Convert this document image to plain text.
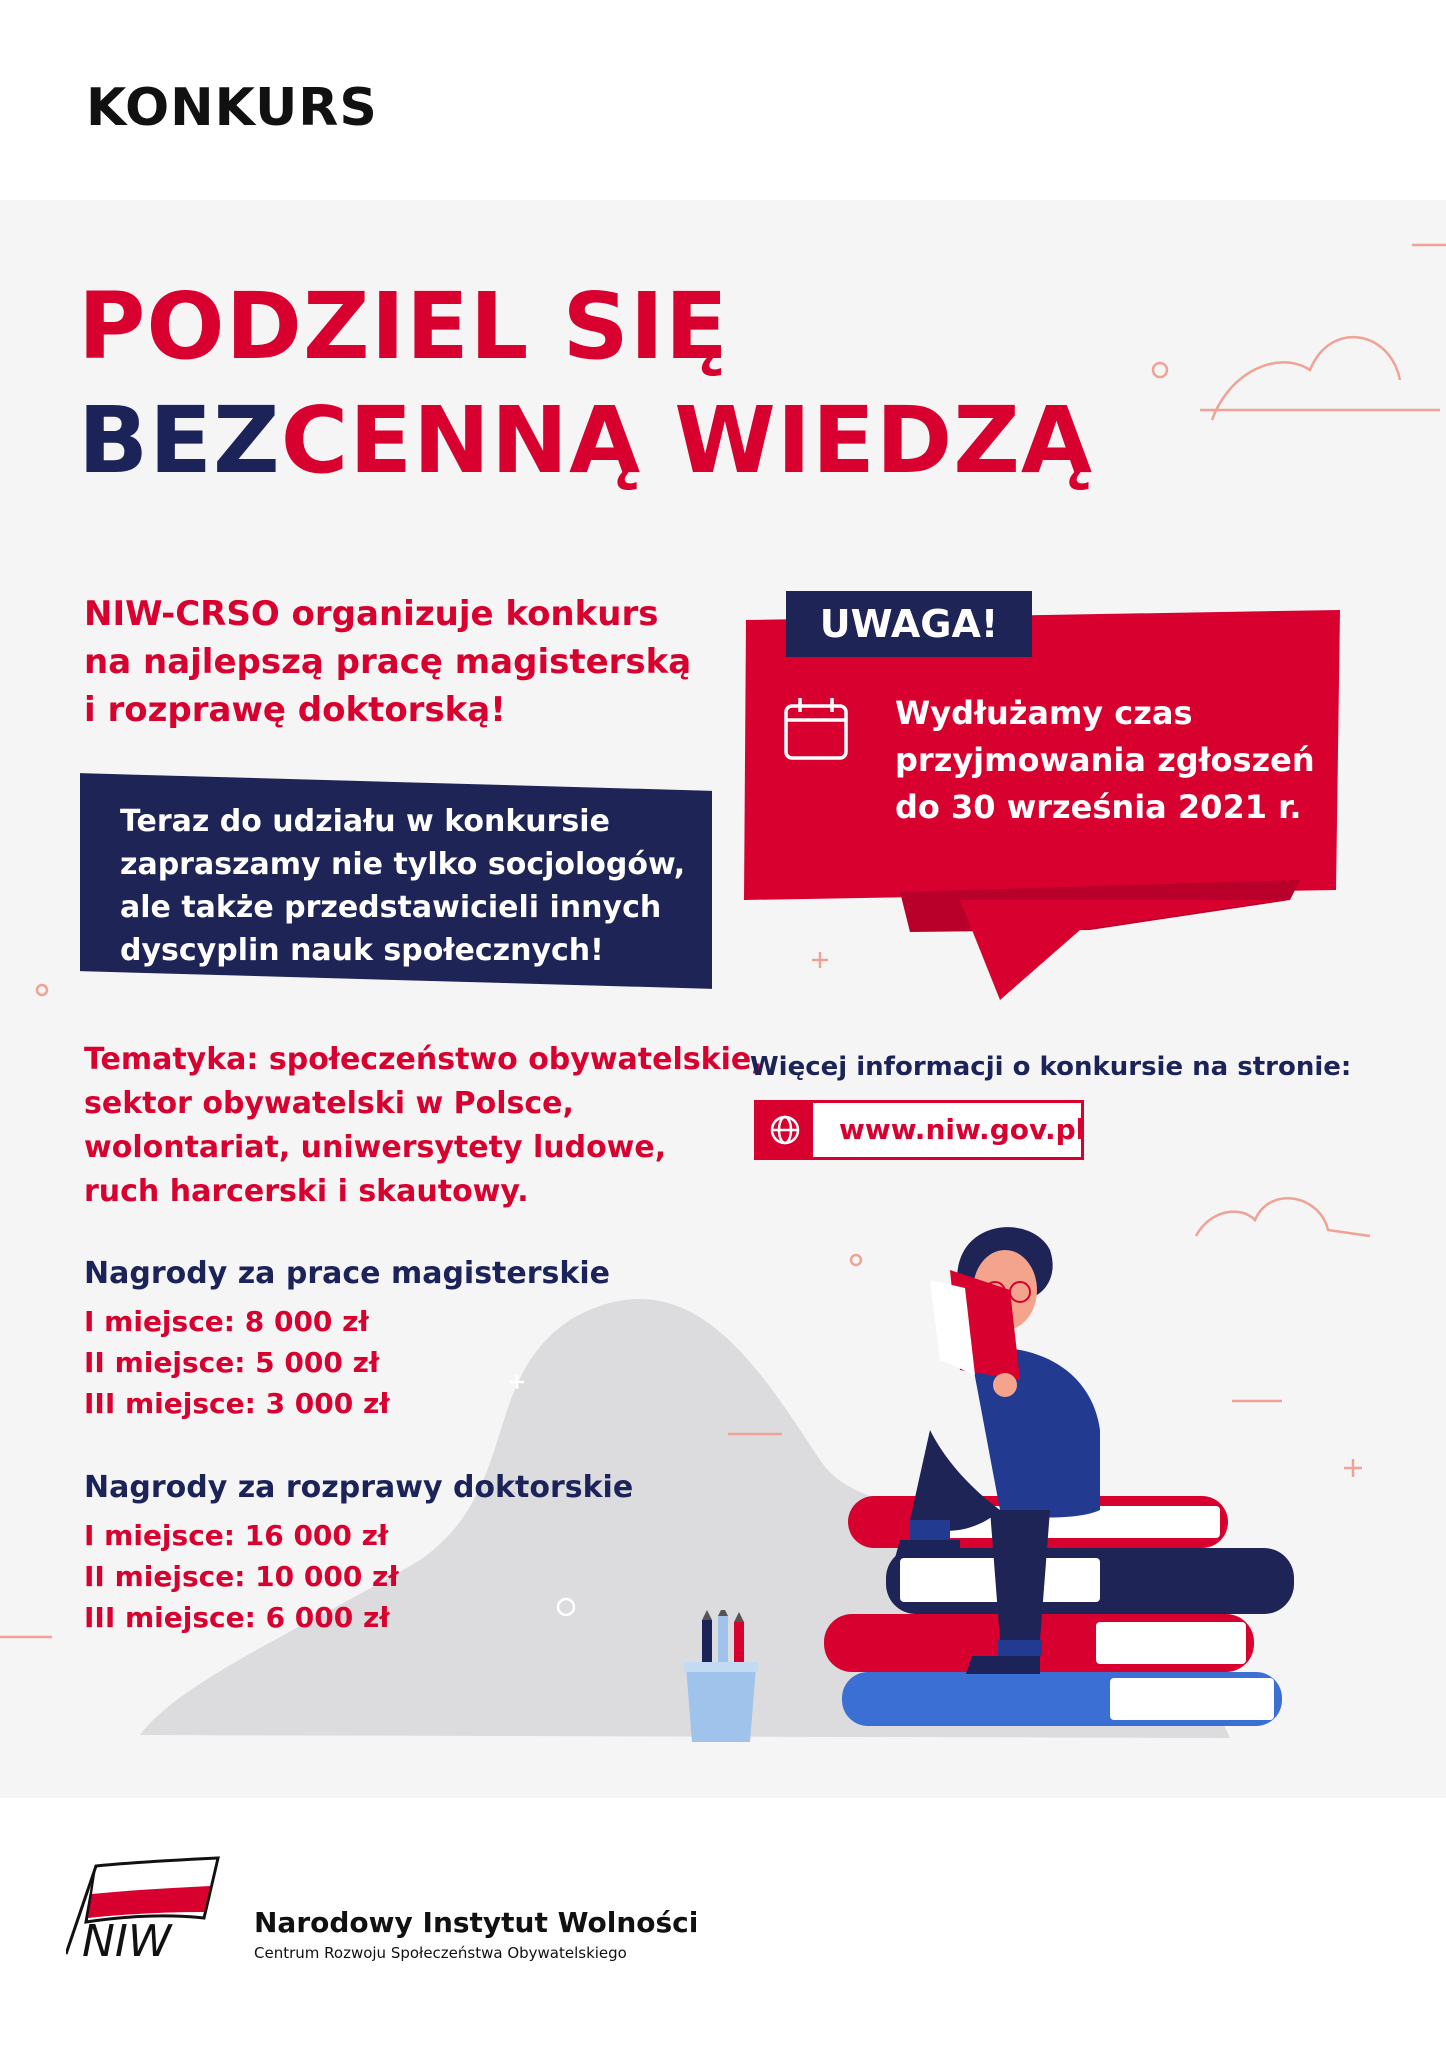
KONKURS
PODZIEL SIĘ
BEZCENNĄ WIEDZĄ
NIW-CRSO organizuje konkurs
na najlepszą pracę magisterską
i rozprawę doktorską!
Teraz do udziału w konkursie
zapraszamy nie tylko socjologów,
ale także przedstawicieli innych
dyscyplin nauk społecznych!
Tematyka: społeczeństwo obywatelskie,
sektor obywatelski w Polsce,
wolontariat, uniwersytety ludowe,
ruch harcerski i skautowy.
Nagrody za prace magisterskie
I miejsce: 8 000 zł
II miejsce: 5 000 zł
III miejsce: 3 000 zł
Nagrody za rozprawy doktorskie
I miejsce: 16 000 zł
II miejsce: 10 000 zł
III miejsce: 6 000 zł
UWAGA!
Wydłużamy czas
przyjmowania zgłoszeń
do 30 września 2021 r.
Więcej informacji o konkursie na stronie:
www.niw.gov.pl
NIW	Narodowy Instytut Wolności
Centrum Rozwoju Społeczeństwa Obywatelskiego
